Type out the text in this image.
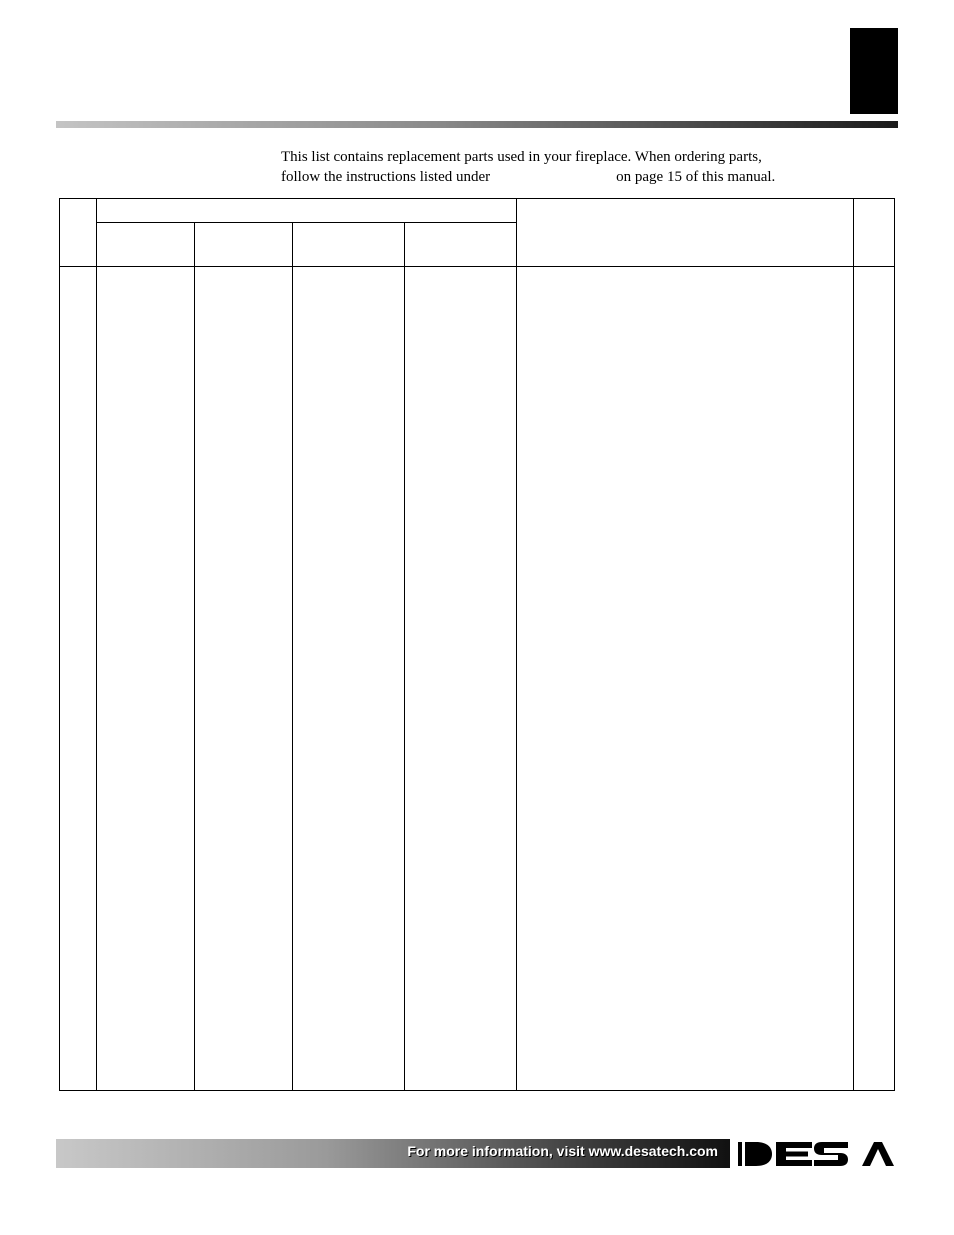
This list contains replacement parts used in your fireplace. When ordering parts,
follow the instructions listed under	on page 15 of this manual.
For more information, visit www.desatech.com
